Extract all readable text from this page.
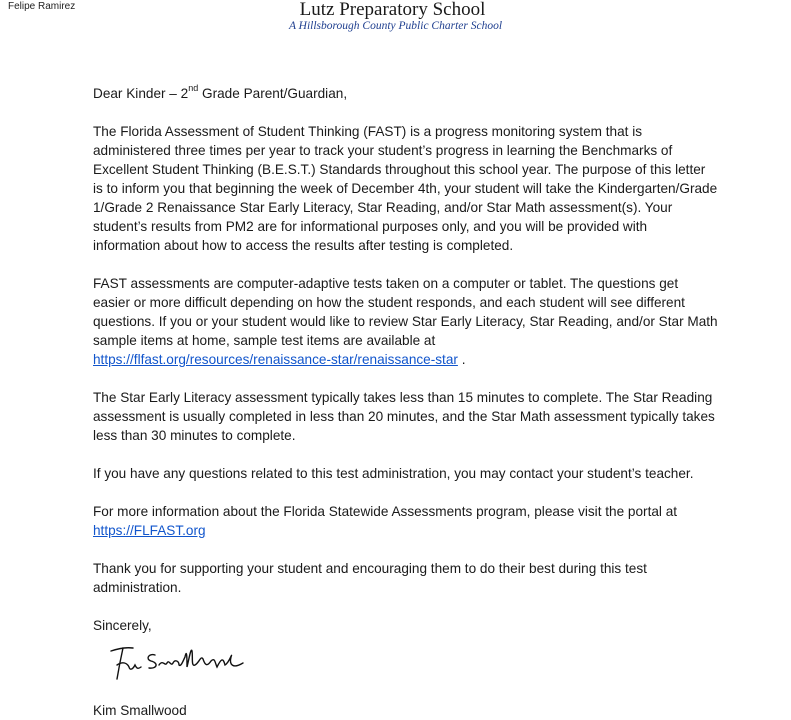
Felipe Ramirez	Lutz Preparatory School
A Hillsborough County Public Charter School

Dear Kinder – 2nd Grade Parent/Guardian,

The Florida Assessment of Student Thinking (FAST) is a progress monitoring system that is administered three times per year to track your student’s progress in learning the Benchmarks of Excellent Student Thinking (B.E.S.T.) Standards throughout this school year. The purpose of this letter is to inform you that beginning the week of December 4th, your student will take the Kindergarten/Grade 1/Grade 2 Renaissance Star Early Literacy, Star Reading, and/or Star Math assessment(s). Your student’s results from PM2 are for informational purposes only, and you will be provided with information about how to access the results after testing is completed.

FAST assessments are computer-adaptive tests taken on a computer or tablet. The questions get easier or more difficult depending on how the student responds, and each student will see different questions. If you or your student would like to review Star Early Literacy, Star Reading, and/or Star Math sample items at home, sample test items are available at
https://flfast.org/resources/renaissance-star/renaissance-star .

The Star Early Literacy assessment typically takes less than 15 minutes to complete. The Star Reading assessment is usually completed in less than 20 minutes, and the Star Math assessment typically takes less than 30 minutes to complete.

If you have any questions related to this test administration, you may contact your student’s teacher.

For more information about the Florida Statewide Assessments program, please visit the portal at
https://FLFAST.org

Thank you for supporting your student and encouraging them to do their best during this test administration.

Sincerely,

Kim Smallwood
